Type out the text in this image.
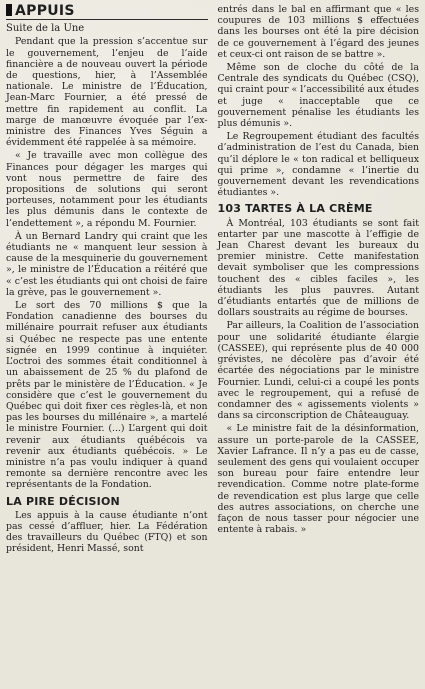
APPUIS

Suite de la Une

Pendant que la pression s’accentue sur le gouvernement, l’enjeu de l’aide financière a de nouveau ouvert la période de questions, hier, à l’Assemblée nationale. Le ministre de l’Éducation, Jean-Marc Fournier, a été pressé de mettre fin rapidement au conflit. La marge de manœuvre évoquée par l’ex-ministre des Finances Yves Séguin a évidemment été rappelée à sa mémoire.

« Je travaille avec mon collègue des Finances pour dégager les marges qui vont nous permettre de faire des propositions de solutions qui seront porteuses, notamment pour les étudiants les plus démunis dans le contexte de l’endettement », a répondu M. Fournier.

À un Bernard Landry qui craint que les étudiants ne « manquent leur session à cause de la mesquinerie du gouvernement », le ministre de l’Éducation a réitéré que « c’est les étudiants qui ont choisi de faire la grève, pas le gouvernement ».

Le sort des 70 millions $ que la Fondation canadienne des bourses du millénaire pourrait refuser aux étudiants si Québec ne respecte pas une entente signée en 1999 continue à inquiéter. L’octroi des sommes était conditionnel à un abaissement de 25 % du plafond de prêts par le ministère de l’Éducation. « Je considère que c’est le gouvernement du Québec qui doit fixer ces règles-là, et non pas les bourses du millénaire », a martelé le ministre Fournier. (...) L’argent qui doit revenir aux étudiants québécois va revenir aux étudiants québécois. » Le ministre n’a pas voulu indiquer à quand remonte sa dernière rencontre avec les représentants de la Fondation.

LA PIRE DÉCISION

Les appuis à la cause étudiante n’ont pas cessé d’affluer, hier. La Fédération des travailleurs du Québec (FTQ) et son président, Henri Massé, sont

entrés dans le bal en affirmant que « les coupures de 103 millions $ effectuées dans les bourses ont été la pire décision de ce gouvernement à l’égard des jeunes et ceux-ci ont raison de se battre ».

Même son de cloche du côté de la Centrale des syndicats du Québec (CSQ), qui craint pour « l’accessibilité aux études et juge « inacceptable que ce gouvernement pénalise les étudiants les plus démunis ».

Le Regroupement étudiant des facultés d’administration de l’est du Canada, bien qu’il déplore le « ton radical et belliqueux qui prime », condamne « l’inertie du gouvernement devant les revendications étudiantes ».

103 TARTES À LA CRÈME

À Montréal, 103 étudiants se sont fait entarter par une mascotte à l’effigie de Jean Charest devant les bureaux du premier ministre. Cette manifestation devait symboliser que les compressions touchent des « cibles faciles », les étudiants les plus pauvres. Autant d’étudiants entartés que de millions de dollars soustraits au régime de bourses.

Par ailleurs, la Coalition de l’association pour une solidarité étudiante élargie (CASSEE), qui représente plus de 40 000 grévistes, ne décolère pas d’avoir été écartée des négociations par le ministre Fournier. Lundi, celui-ci a coupé les ponts avec le regroupement, qui a refusé de condamner des « agissements violents » dans sa circonscription de Châteauguay.

« Le ministre fait de la désinformation, assure un porte-parole de la CASSEE, Xavier Lafrance. Il n’y a pas eu de casse, seulement des gens qui voulaient occuper son bureau pour faire entendre leur revendication. Comme notre plate-forme de revendication est plus large que celle des autres associations, on cherche une façon de nous tasser pour négocier une entente à rabais. »
